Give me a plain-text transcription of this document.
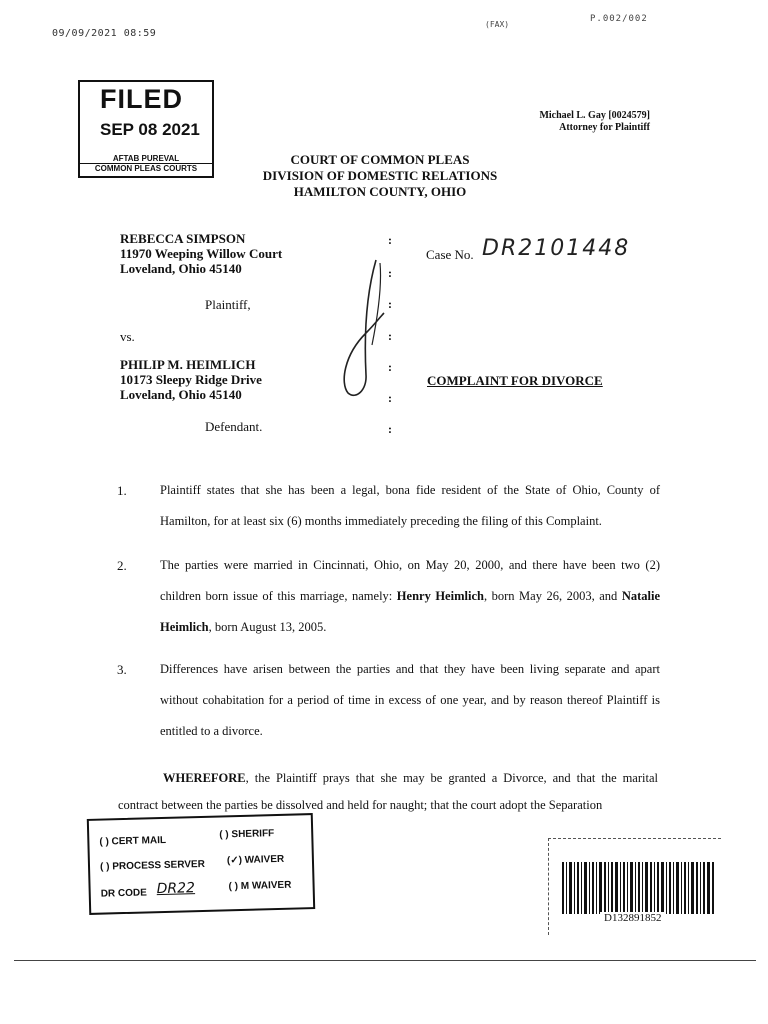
09/09/2021 08:59
(FAX)
P.002/002
FILED
SEP 08 2021
AFTAB PUREVAL
COMMON PLEAS COURTS
Michael L. Gay [0024579]
Attorney for Plaintiff
COURT OF COMMON PLEAS
DIVISION OF DOMESTIC RELATIONS
HAMILTON COUNTY, OHIO
REBECCA SIMPSON
11970 Weeping Willow Court
Loveland, Ohio 45140
Plaintiff,
vs.
PHILIP M. HEIMLICH
10173 Sleepy Ridge Drive
Loveland, Ohio 45140
Defendant.
:
:
:
:
:
:
:
Case No. DR2101448
COMPLAINT FOR DIVORCE
1.	Plaintiff states that she has been a legal, bona fide resident of the State of Ohio, County of Hamilton, for at least six (6) months immediately preceding the filing of this Complaint.
2.	The parties were married in Cincinnati, Ohio, on May 20, 2000, and there have been two (2) children born issue of this marriage, namely: Henry Heimlich, born May 26, 2003, and Natalie Heimlich, born August 13, 2005.
3.	Differences have arisen between the parties and that they have been living separate and apart without cohabitation for a period of time in excess of one year, and by reason thereof Plaintiff is entitled to a divorce.
WHEREFORE, the Plaintiff prays that she may be granted a Divorce, and that the marital contract between the parties be dissolved and held for naught; that the court adopt the Separation
( ) CERT MAIL
( ) SHERIFF
( ) PROCESS SERVER (✓) WAIVER
DR CODE DR22	( ) M WAIVER
D132891852
